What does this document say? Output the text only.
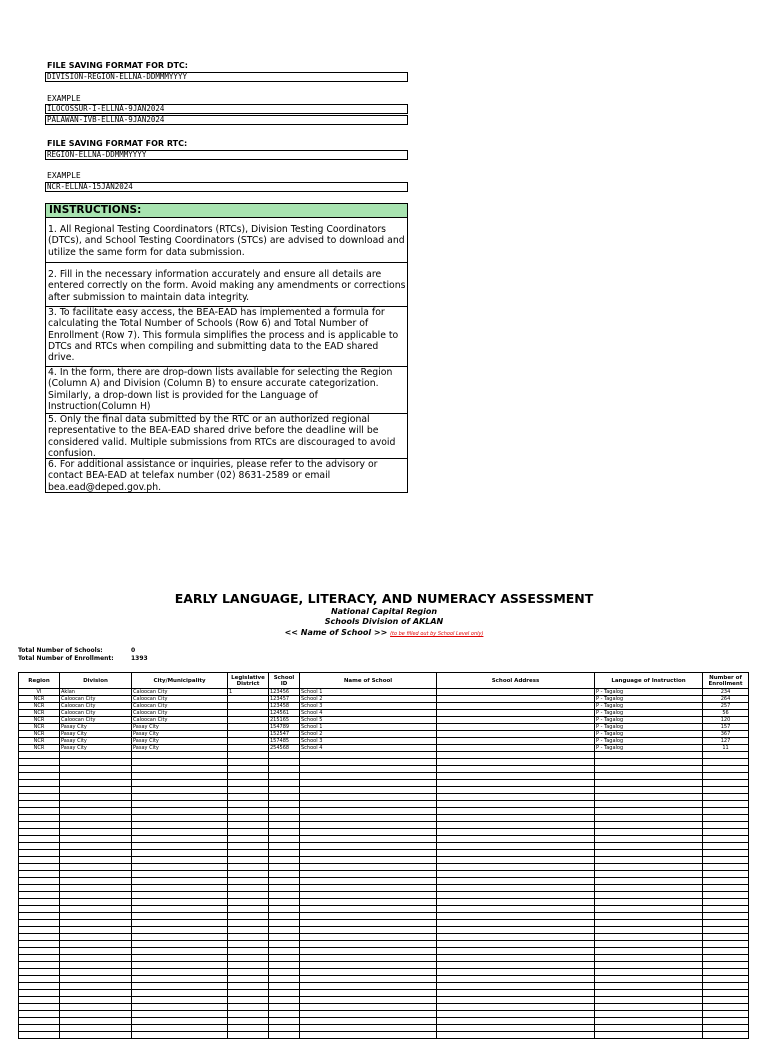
FILE SAVING FORMAT FOR DTC:
DIVISION-REGION-ELLNA-DDMMMYYYY
EXAMPLE
ILOCOSSUR-I-ELLNA-9JAN2024
PALAWAN-IVB-ELLNA-9JAN2024
FILE SAVING FORMAT FOR RTC:
REGION-ELLNA-DDMMMYYYY
EXAMPLE
NCR-ELLNA-15JAN2024
INSTRUCTIONS:
1. All Regional Testing Coordinators (RTCs), Division Testing Coordinators (DTCs), and School Testing Coordinators (STCs) are advised to download and utilize the same form for data submission.
2. Fill in the necessary information accurately and ensure all details are entered correctly on the form. Avoid making any amendments or corrections after submission to maintain data integrity.
3. To facilitate easy access, the BEA-EAD has implemented a formula for calculating the Total Number of Schools (Row 6) and Total Number of Enrollment (Row 7). This formula simplifies the process and is applicable to DTCs and RTCs when compiling and submitting data to the EAD shared drive.
4. In the form, there are drop-down lists available for selecting the Region (Column A) and Division (Column B) to ensure accurate categorization. Similarly, a drop-down list is provided for the Language of Instruction(Column H)
5. Only the final data submitted by the RTC or an authorized regional representative to the BEA-EAD shared drive before the deadline will be considered valid. Multiple submissions from RTCs are discouraged to avoid confusion.
6. For additional assistance or inquiries, please refer to the advisory or contact BEA-EAD at telefax number (02) 8631-2589 or email bea.ead@deped.gov.ph.
EARLY LANGUAGE, LITERACY, AND NUMERACY ASSESSMENT
National Capital Region
Schools Division of AKLAN
<< Name of School >> (to be filled out by School Level only)
Total Number of Schools:	0
Total Number of Enrollment:	1393
Region	Division	City/Municipality	Legislative District	School ID	Name of School	School Address	Language of Instruction	Number of Enrollment
VI	Aklan	Caloocan City	1	123456	School 1		P - Tagalog	234
NCR	Caloocan City	Caloocan City		123457	School 2		P - Tagalog	264
NCR	Caloocan City	Caloocan City		123458	School 3		P - Tagalog	257
NCR	Caloocan City	Caloocan City		124561	School 4		P - Tagalog	56
NCR	Caloocan City	Caloocan City		215165	School 5		P - Tagalog	120
NCR	Pasay City	Pasay City		154789	School 1		P - Tagalog	157
NCR	Pasay City	Pasay City		152547	School 2		P - Tagalog	367
NCR	Pasay City	Pasay City		157485	School 3		P - Tagalog	127
NCR	Pasay City	Pasay City		254568	School 4		P - Tagalog	11
